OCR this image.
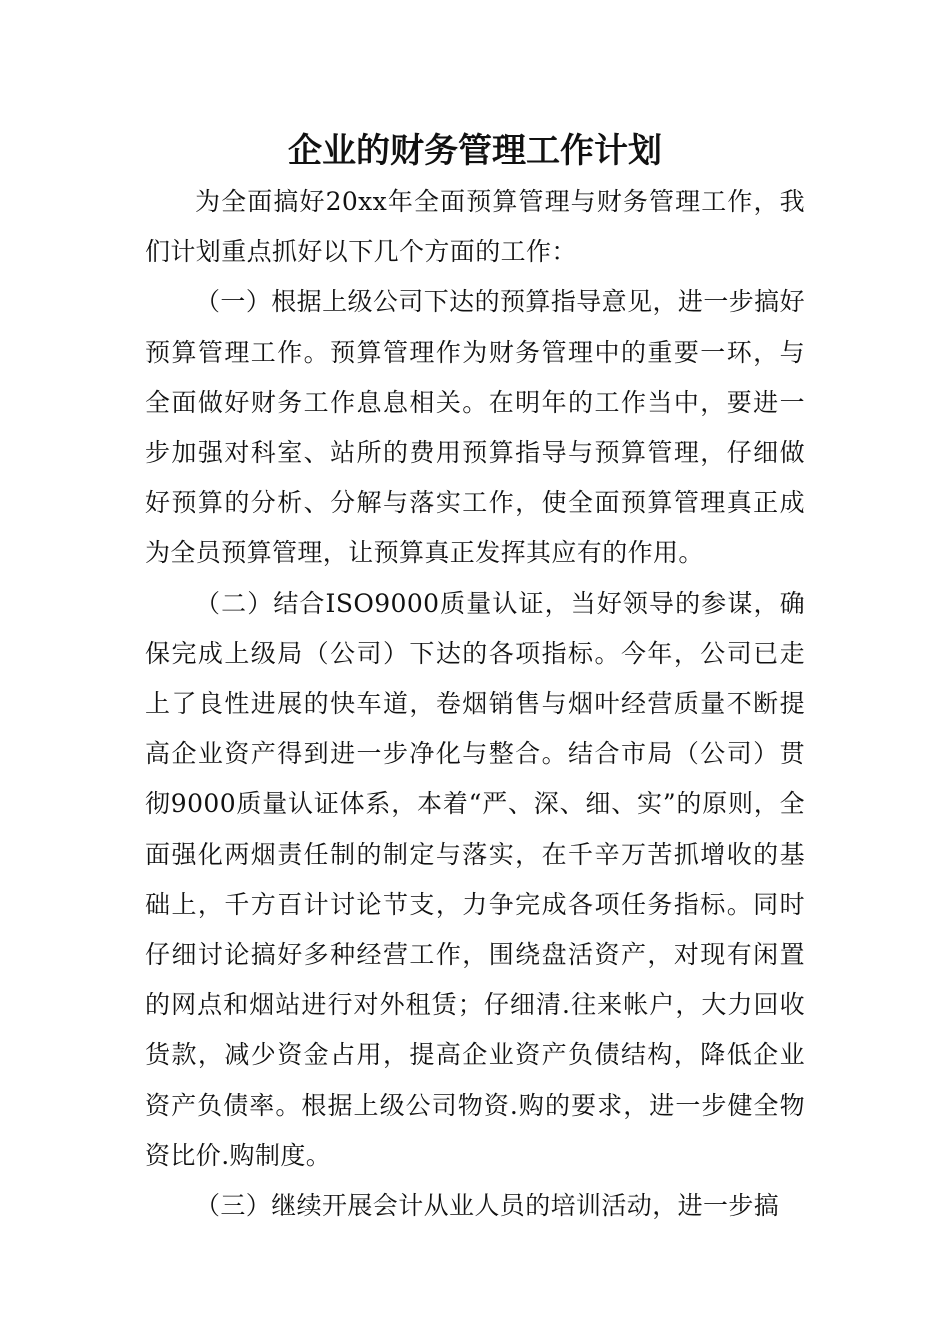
企业的财务管理工作计划

为全面搞好20xx年全面预算管理与财务管理工作，我们计划重点抓好以下几个方面的工作：

（一）根据上级公司下达的预算指导意见，进一步搞好预算管理工作。预算管理作为财务管理中的重要一环，与全面做好财务工作息息相关。在明年的工作当中，要进一步加强对科室、站所的费用预算指导与预算管理，仔细做好预算的分析、分解与落实工作，使全面预算管理真正成为全员预算管理，让预算真正发挥其应有的作用。

（二）结合ISO9000质量认证，当好领导的参谋，确保完成上级局（公司）下达的各项指标。今年，公司已走上了良性进展的快车道，卷烟销售与烟叶经营质量不断提高企业资产得到进一步净化与整合。结合市局（公司）贯彻9000质量认证体系，本着“严、深、细、实”的原则，全面强化两烟责任制的制定与落实，在千辛万苦抓增收的基础上，千方百计讨论节支，力争完成各项任务指标。同时仔细讨论搞好多种经营工作，围绕盘活资产，对现有闲置的网点和烟站进行对外租赁；仔细清.往来帐户，大力回收货款，减少资金占用，提高企业资产负债结构，降低企业资产负债率。根据上级公司物资.购的要求，进一步健全物资比价.购制度。

（三）继续开展会计从业人员的培训活动，进一步搞
